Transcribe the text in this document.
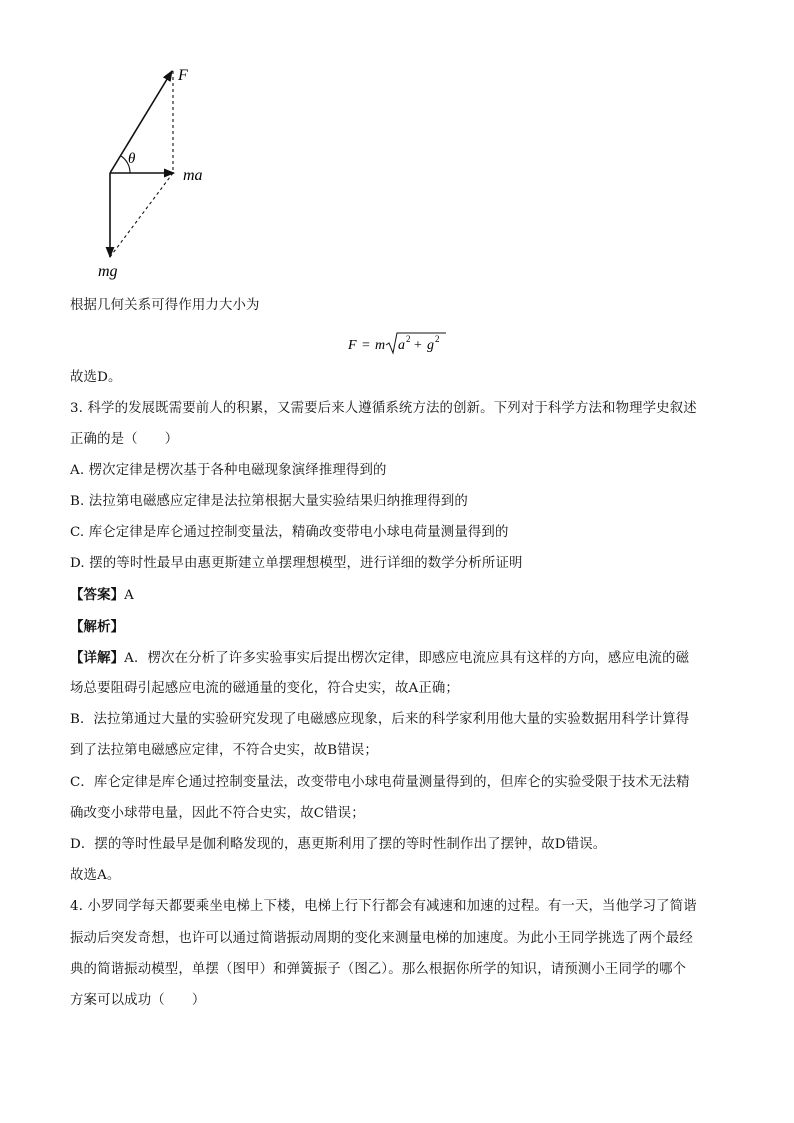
F
θ
ma
mg
根据几何关系可得作用力大小为
F = m a 2 + g 2
故选D。
3. 科学的发展既需要前人的积累，又需要后来人遵循系统方法的创新。下列对于科学方法和物理学史叙述
正确的是（　　）
A. 楞次定律是楞次基于各种电磁现象演绎推理得到的
B. 法拉第电磁感应定律是法拉第根据大量实验结果归纳推理得到的
C. 库仑定律是库仑通过控制变量法，精确改变带电小球电荷量测量得到的
D. 摆的等时性最早由惠更斯建立单摆理想模型，进行详细的数学分析所证明
【答案】A
【解析】
【详解】A．楞次在分析了许多实验事实后提出楞次定律，即感应电流应具有这样的方向，感应电流的磁
场总要阻碍引起感应电流的磁通量的变化，符合史实，故A正确；
B．法拉第通过大量的实验研究发现了电磁感应现象，后来的科学家利用他大量的实验数据用科学计算得
到了法拉第电磁感应定律，不符合史实，故B错误；
C．库仑定律是库仑通过控制变量法，改变带电小球电荷量测量得到的，但库仑的实验受限于技术无法精
确改变小球带电量，因此不符合史实，故C错误；
D．摆的等时性最早是伽利略发现的，惠更斯利用了摆的等时性制作出了摆钟，故D错误。
故选A。
4. 小罗同学每天都要乘坐电梯上下楼，电梯上行下行都会有减速和加速的过程。有一天，当他学习了简谐
振动后突发奇想，也许可以通过简谐振动周期的变化来测量电梯的加速度。为此小王同学挑选了两个最经
典的简谐振动模型，单摆（图甲）和弹簧振子（图乙）。那么根据你所学的知识，请预测小王同学的哪个
方案可以成功（　　）
